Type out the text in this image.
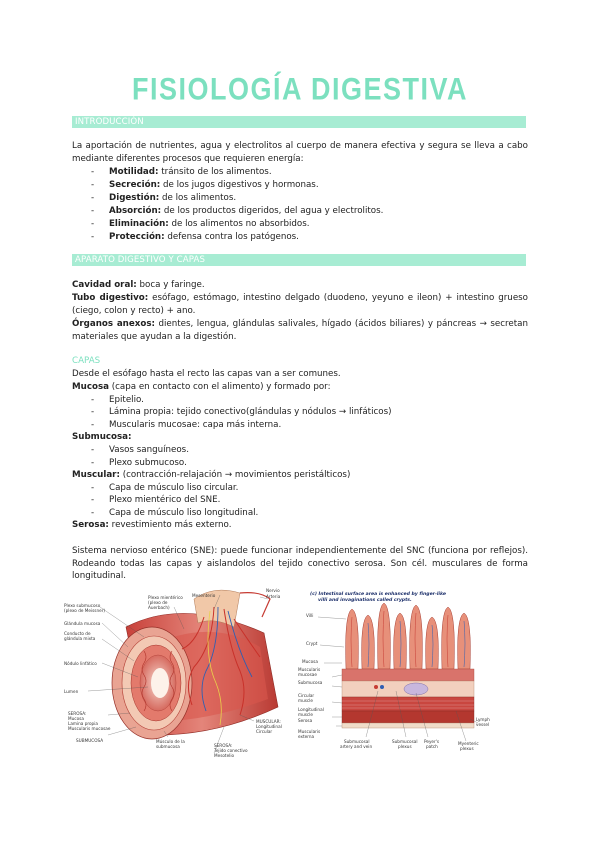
FISIOLOGÍA DIGESTIVA
INTRODUCCIÓN
La aportación de nutrientes, agua y electrolitos al cuerpo de manera efectiva y segura se lleva a cabo mediante diferentes procesos que requieren energía:
- Motilidad: tránsito de los alimentos.
- Secreción: de los jugos digestivos y hormonas.
- Digestión: de los alimentos.
- Absorción: de los productos digeridos, del agua y electrolitos.
- Eliminación: de los alimentos no absorbidos.
- Protección: defensa contra los patógenos.
APARATO DIGESTIVO Y CAPAS
Cavidad oral: boca y faringe.
Tubo digestivo: esófago, estómago, intestino delgado (duodeno, yeyuno e ileon) + intestino grueso (ciego, colon y recto) + ano.
Órganos anexos: dientes, lengua, glándulas salivales, hígado (ácidos biliares) y páncreas → secretan materiales que ayudan a la digestión.
CAPAS
Desde el esófago hasta el recto las capas van a ser comunes.
Mucosa (capa en contacto con el alimento) y formado por:
- Epitelio.
- Lámina propia: tejido conectivo(glándulas y nódulos → linfáticos)
- Muscularis mucosae: capa más interna.
Submucosa:
- Vasos sanguíneos.
- Plexo submucoso.
Muscular: (contracción-relajación → movimientos peristálticos)
- Capa de músculo liso circular.
- Plexo mientérico del SNE.
- Capa de músculo liso longitudinal.
Serosa: revestimiento más externo.
Sistema nervioso entérico (SNE): puede funcionar independientemente del SNC (funciona por reflejos). Rodeando todas las capas y aislandolos del tejido conectivo serosa. Son cél. musculares de forma longitudinal.
Plexo submucoso
(plexo de Meissner)
Plexo mientérico
(plexo de
Auerbach)
Mesenterio
Nervio
Arteria
Glándula mucosa
Conducto de
glándula mixta
Nódulo linfático
Lumen
SEROSA:
Mucosa
Lamina propia
Muscularis mucosae
SUBMUCOSA	Músculo de la
submucosa
MUSCULAR:
Longitudinal
Circular
SEROSA:
Tejido conectivo
Mesotelio
(c) Intestinal surface area is enhanced by finger-like
villi and invaginations called crypts.
Villi
Crypt
Mucosa
Muscularis
mucosae
Submucosa
Circular
muscle
Longitudinal
muscle
Serosa
Muscularis
externa
Submucosal
artery and vein
Submucosal
plexus
Peyer's
patch
Myenteric
plexus
Lymph
vessel
